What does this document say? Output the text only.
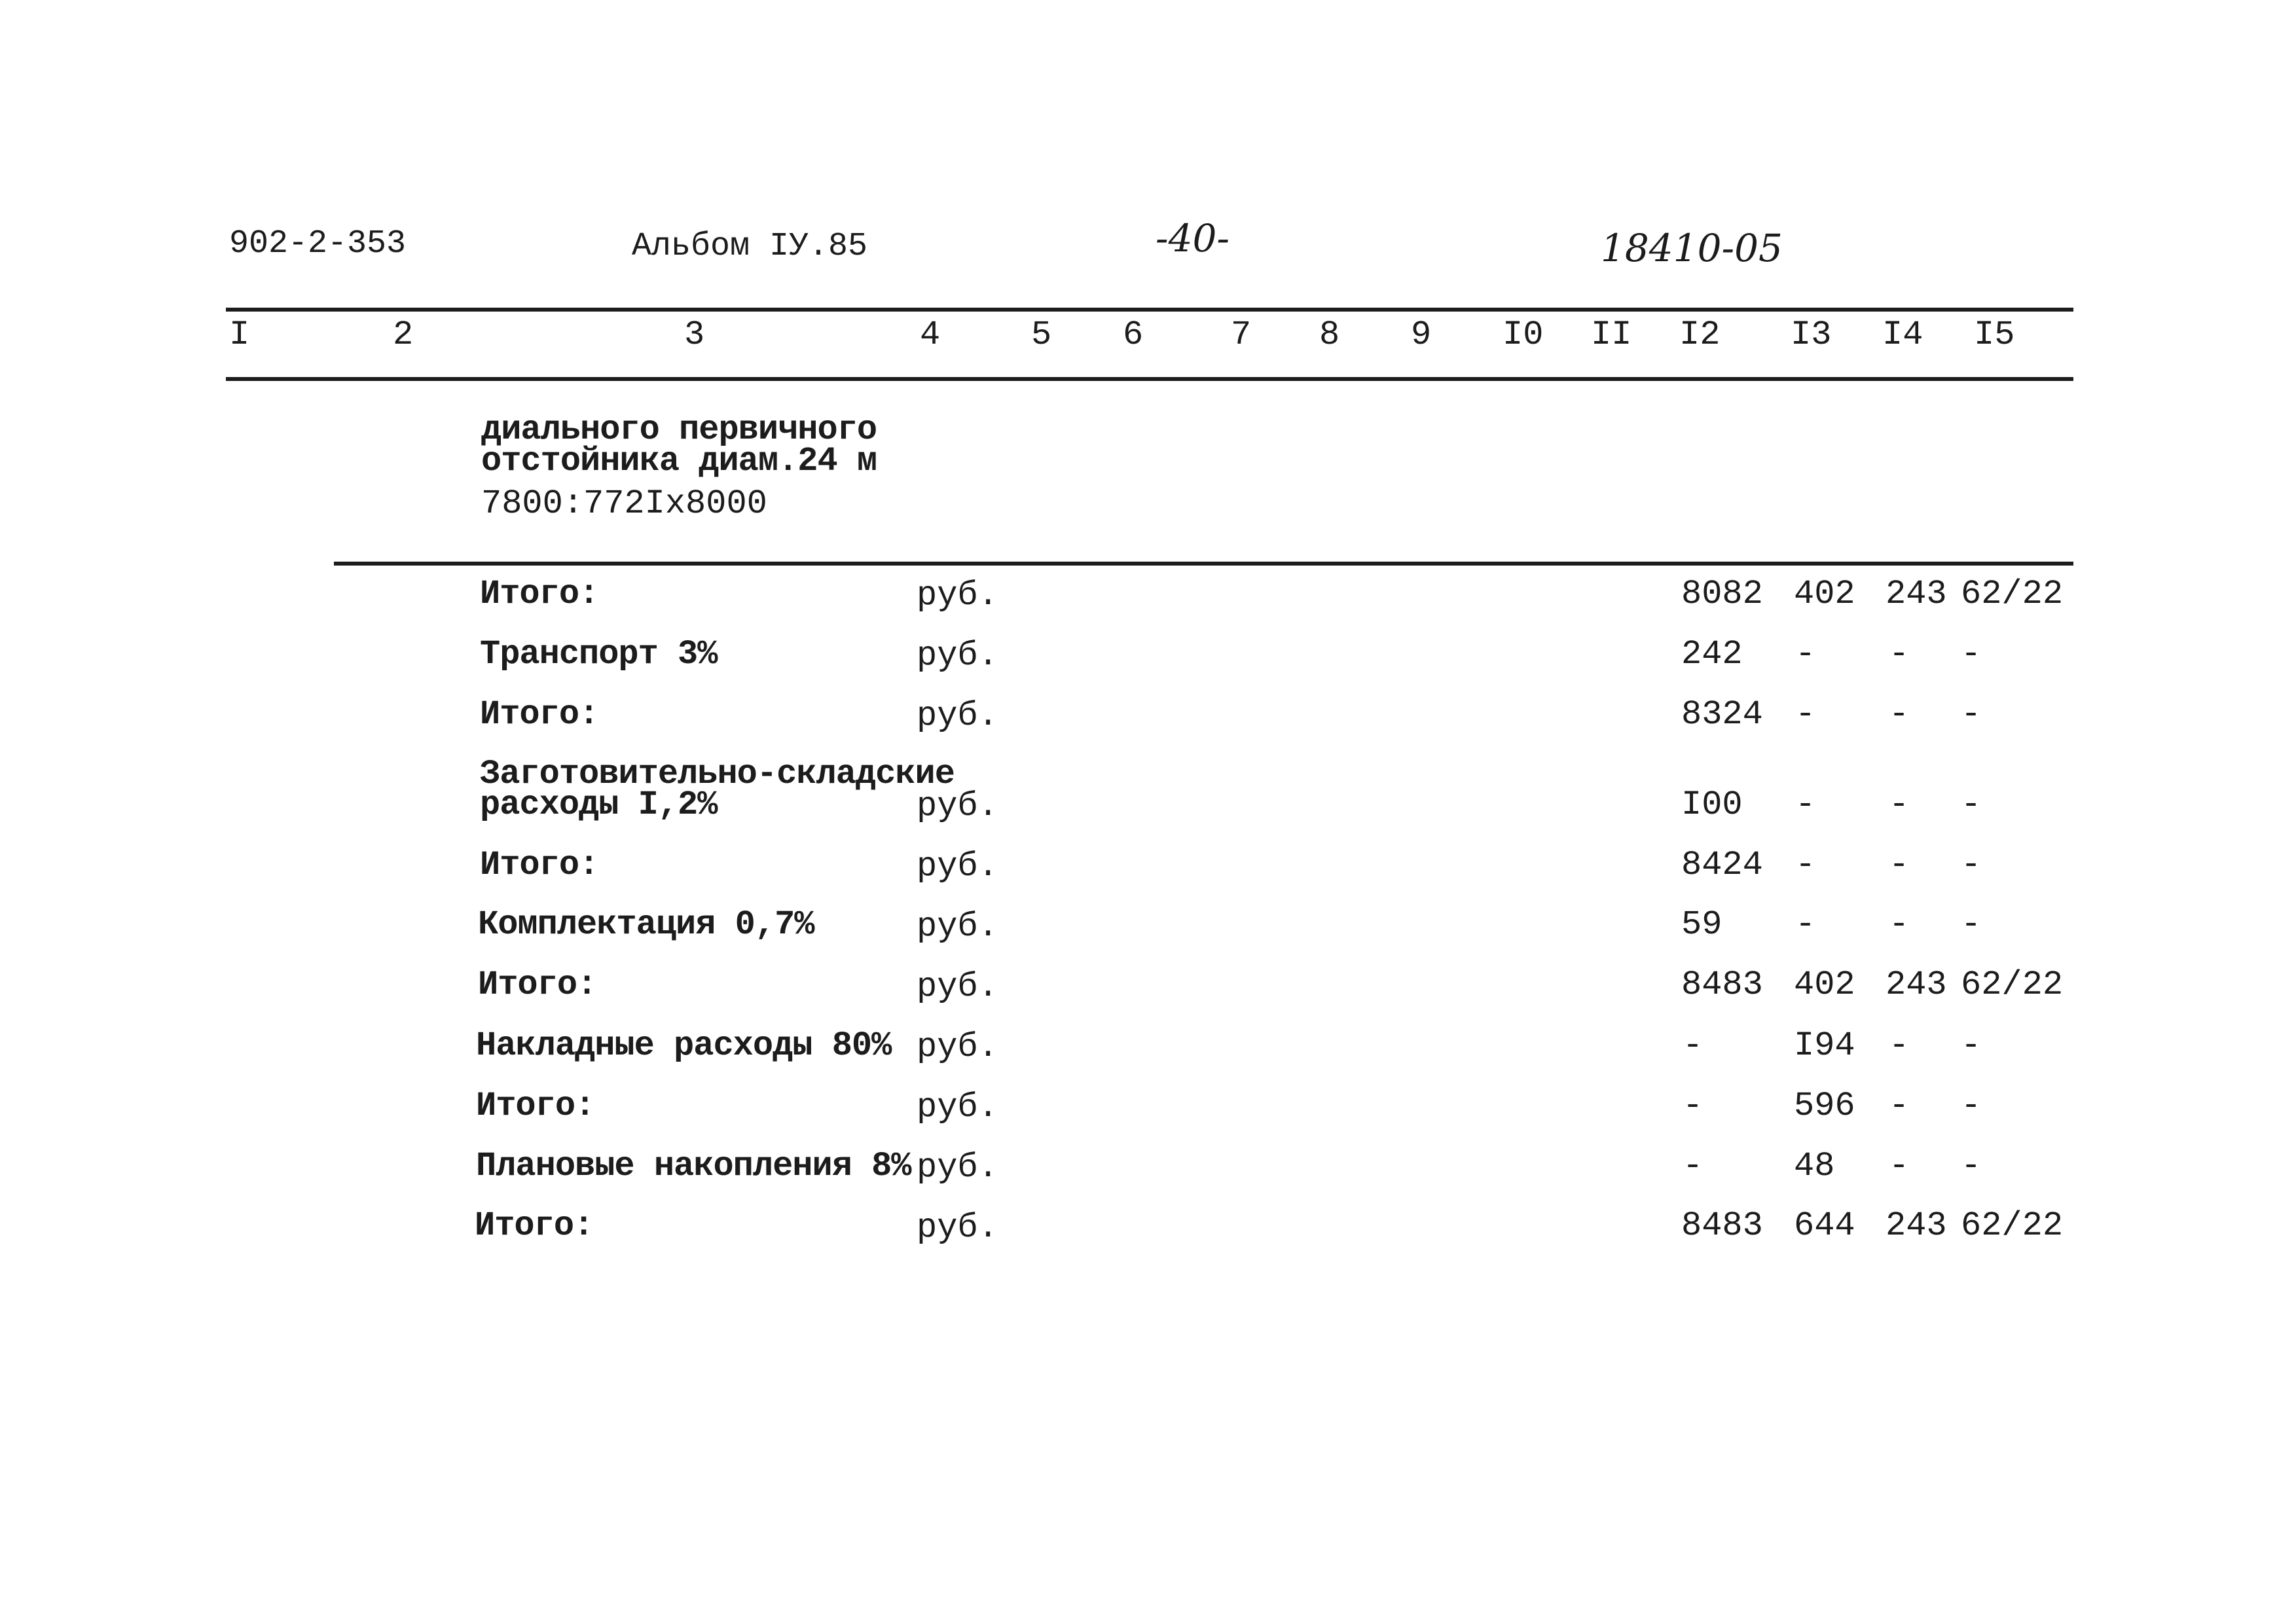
902-2-353	Альбом IУ.85	-40-	18410-05
I	2	3	4	5 6	7 8 9 I0 II I2 I3 I4 I5
диального первичного
отстойника диам.24 м
7800:772Iх8000
Итого:	руб.	8082 402 243 62/22
Транспорт 3%	руб.	242 - - -
Итого:	руб.	8324 - - -
Заготовительно-складские
расходы I,2%	руб.	I00 - - -
Итого:	руб.	8424 - - -
Комплектация 0,7%	руб.	59 - - -
Итого:	руб.	8483 402 243 62/22
Накладные расходы 80% руб.	-	I94 - -
Итого:	руб.	-	596 - -
Плановые накопления 8% руб.	-	48 - -
Итого:	руб.	8483 644 243 62/22
